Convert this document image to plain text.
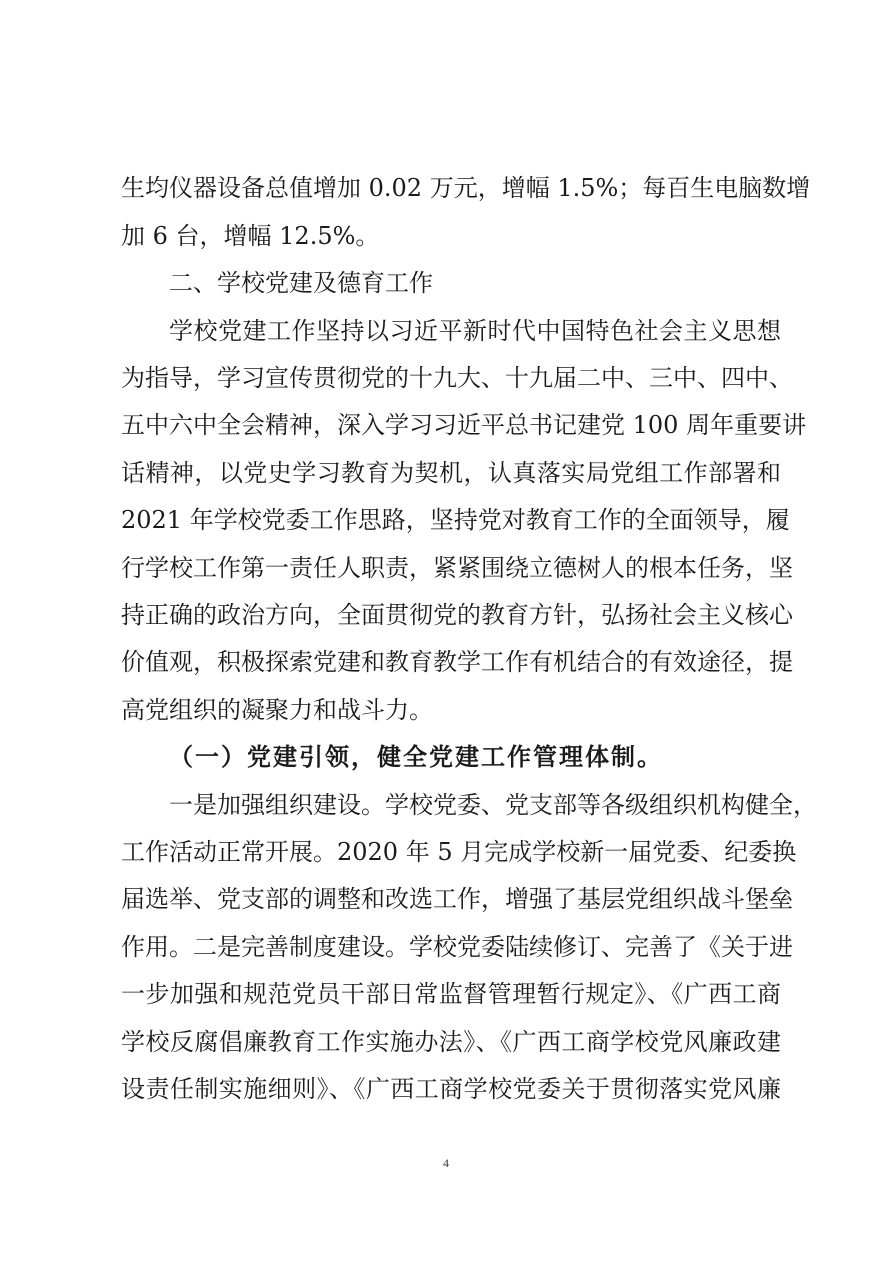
生均仪器设备总值增加 0.02 万元，增幅 1.5%；每百生电脑数增
加 6 台，增幅 12.5%。
二、学校党建及德育工作
学校党建工作坚持以习近平新时代中国特色社会主义思想
为指导，学习宣传贯彻党的十九大、十九届二中、三中、四中、
五中六中全会精神，深入学习习近平总书记建党 100 周年重要讲
话精神，以党史学习教育为契机，认真落实局党组工作部署和
2021 年学校党委工作思路，坚持党对教育工作的全面领导，履
行学校工作第一责任人职责，紧紧围绕立德树人的根本任务，坚
持正确的政治方向，全面贯彻党的教育方针，弘扬社会主义核心
价值观，积极探索党建和教育教学工作有机结合的有效途径，提
高党组织的凝聚力和战斗力。
（一）党建引领，健全党建工作管理体制。
一是加强组织建设。学校党委、党支部等各级组织机构健全，
工作活动正常开展。2020 年 5 月完成学校新一届党委、纪委换
届选举、党支部的调整和改选工作，增强了基层党组织战斗堡垒
作用。二是完善制度建设。学校党委陆续修订、完善了《关于进
一步加强和规范党员干部日常监督管理暂行规定》、《广西工商
学校反腐倡廉教育工作实施办法》、《广西工商学校党风廉政建
设责任制实施细则》、《广西工商学校党委关于贯彻落实党风廉
4
